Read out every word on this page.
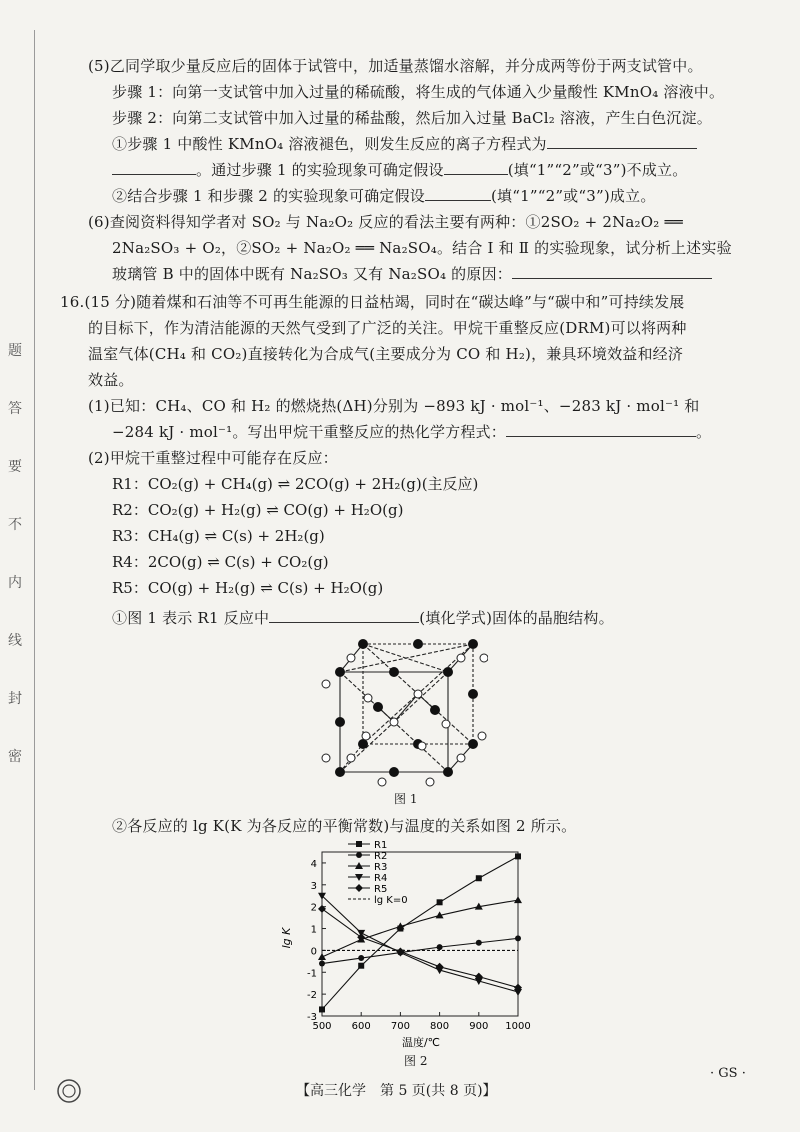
题
答
要
不
内
线
封
密
(5)乙同学取少量反应后的固体于试管中，加适量蒸馏水溶解，并分成两等份于两支试管中。
步骤 1：向第一支试管中加入过量的稀硫酸，将生成的气体通入少量酸性 KMnO₄ 溶液中。
步骤 2：向第二支试管中加入过量的稀盐酸，然后加入过量 BaCl₂ 溶液，产生白色沉淀。
①步骤 1 中酸性 KMnO₄ 溶液褪色，则发生反应的离子方程式为
。通过步骤 1 的实验现象可确定假设	(填“1”“2”或“3”)不成立。
②结合步骤 1 和步骤 2 的实验现象可确定假设	(填“1”“2”或“3”)成立。
(6)查阅资料得知学者对 SO₂ 与 Na₂O₂ 反应的看法主要有两种：①2SO₂ + 2Na₂O₂ ══
2Na₂SO₃ + O₂，②SO₂ + Na₂O₂ ══ Na₂SO₄。结合 Ⅰ 和 Ⅱ 的实验现象，试分析上述实验
玻璃管 B 中的固体中既有 Na₂SO₃ 又有 Na₂SO₄ 的原因：
16.(15 分)随着煤和石油等不可再生能源的日益枯竭，同时在“碳达峰”与“碳中和”可持续发展
的目标下，作为清洁能源的天然气受到了广泛的关注。甲烷干重整反应(DRM)可以将两种
温室气体(CH₄ 和 CO₂)直接转化为合成气(主要成分为 CO 和 H₂)，兼具环境效益和经济
效益。
(1)已知：CH₄、CO 和 H₂ 的燃烧热(ΔH)分别为 −893 kJ · mol⁻¹、−283 kJ · mol⁻¹ 和
−284 kJ · mol⁻¹。写出甲烷干重整反应的热化学方程式：	。
(2)甲烷干重整过程中可能存在反应：
R1：CO₂(g) + CH₄(g) ⇌ 2CO(g) + 2H₂(g)(主反应)
R2：CO₂(g) + H₂(g) ⇌ CO(g) + H₂O(g)
R3：CH₄(g) ⇌ C(s) + 2H₂(g)
R4：2CO(g) ⇌ C(s) + CO₂(g)
R5：CO(g) + H₂(g) ⇌ C(s) + H₂O(g)
①图 1 表示 R1 反应中	(填化学式)固体的晶胞结构。
图 1
②各反应的 lg K(K 为各反应的平衡常数)与温度的关系如图 2 所示。
500 600 700 800 900 1000
-3
-2
-1
0
1
2
3
4
R1
R2
R3
R4
R5
lg K=0
lg K
温度/℃
图 2
【高三化学　第 5 页(共 8 页)】
· GS ·
